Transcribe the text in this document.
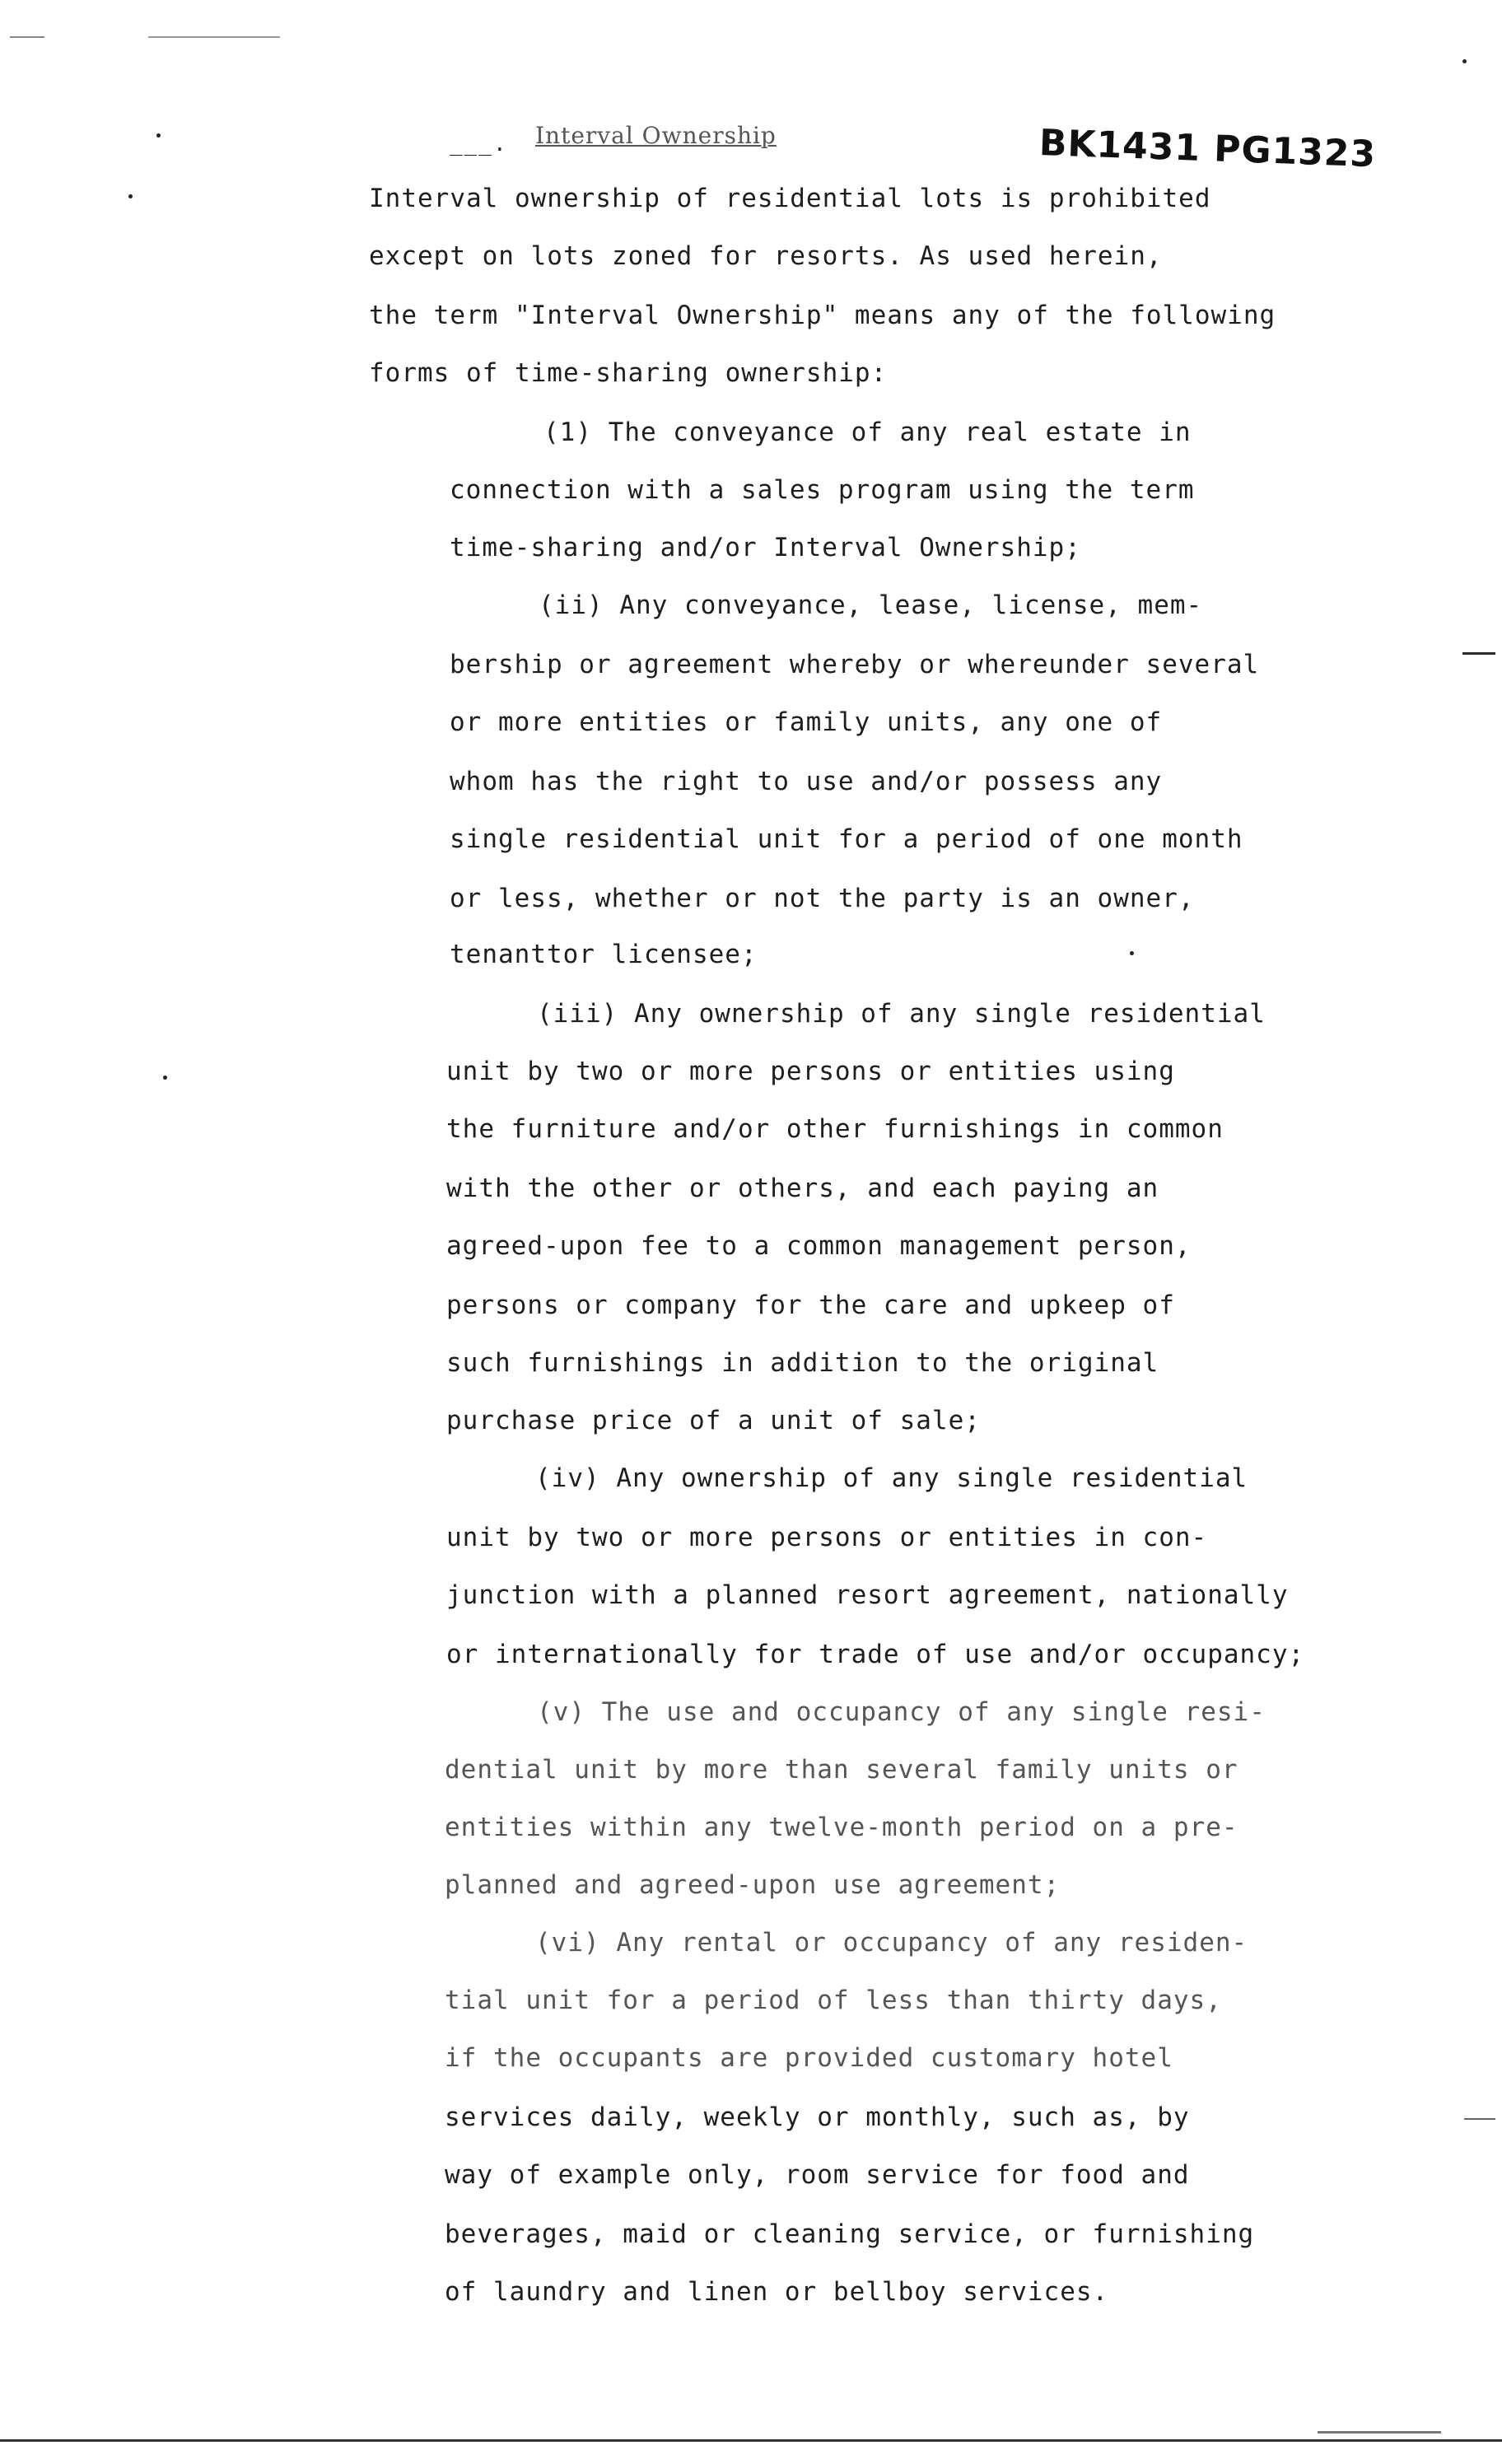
___. Interval Ownership	BK1431 PG1323
Interval ownership of residential lots is prohibited
except on lots zoned for resorts. As used herein,
the term "Interval Ownership" means any of the following
forms of time-sharing ownership:
(1) The conveyance of any real estate in
connection with a sales program using the term
time-sharing and/or Interval Ownership;
(ii) Any conveyance, lease, license, mem-
bership or agreement whereby or whereunder several
or more entities or family units, any one of
whom has the right to use and/or possess any
single residential unit for a period of one month
or less, whether or not the party is an owner,
tenanttor licensee;
(iii) Any ownership of any single residential
unit by two or more persons or entities using
the furniture and/or other furnishings in common
with the other or others, and each paying an
agreed-upon fee to a common management person,
persons or company for the care and upkeep of
such furnishings in addition to the original
purchase price of a unit of sale;
(iv) Any ownership of any single residential
unit by two or more persons or entities in con-
junction with a planned resort agreement, nationally
or internationally for trade of use and/or occupancy;
(v) The use and occupancy of any single resi-
dential unit by more than several family units or
entities within any twelve-month period on a pre-
planned and agreed-upon use agreement;
(vi) Any rental or occupancy of any residen-
tial unit for a period of less than thirty days,
if the occupants are provided customary hotel
services daily, weekly or monthly, such as, by
way of example only, room service for food and
beverages, maid or cleaning service, or furnishing
of laundry and linen or bellboy services.
